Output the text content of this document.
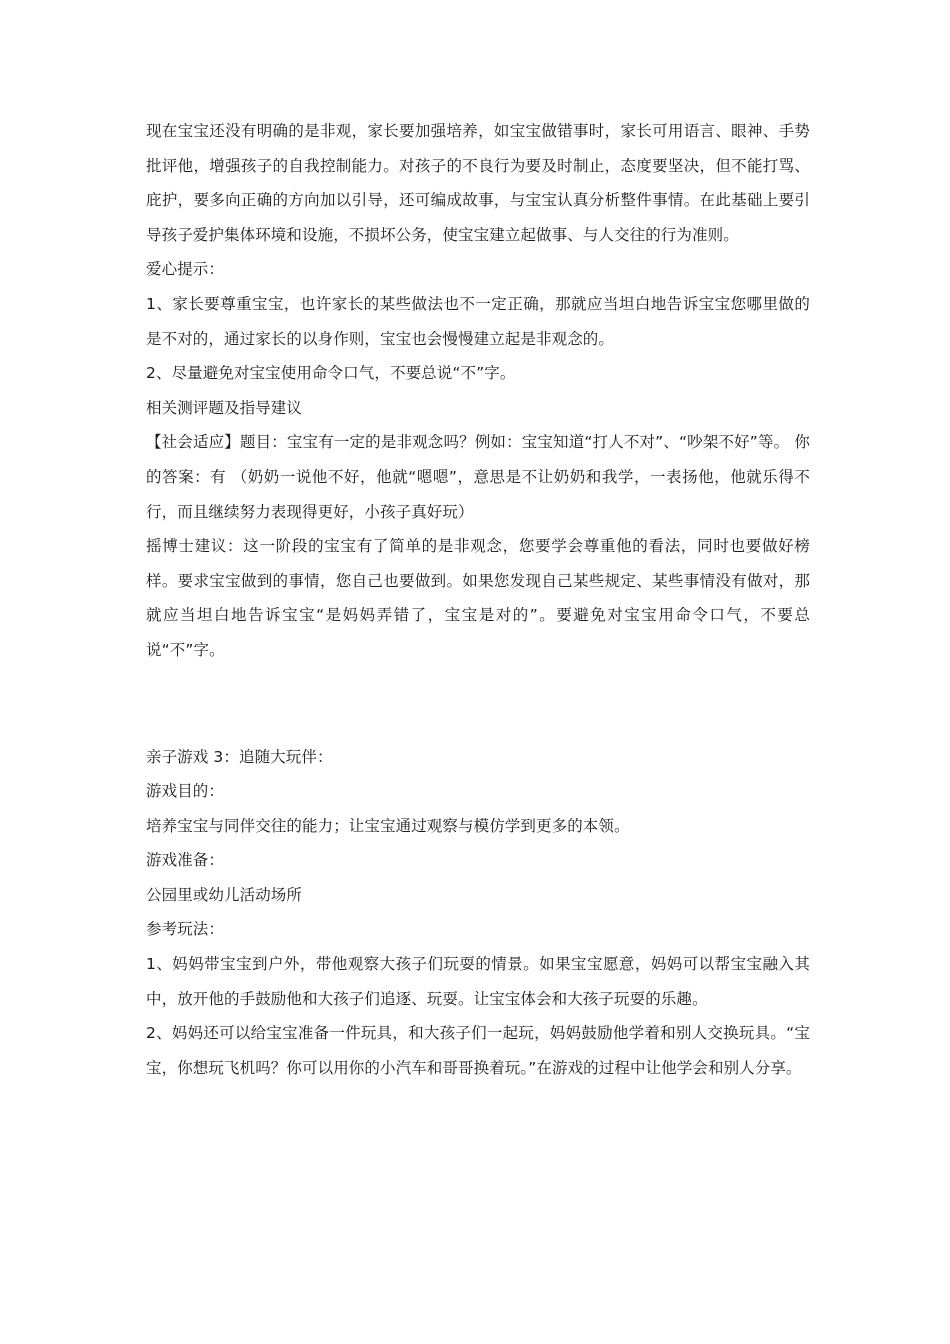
现在宝宝还没有明确的是非观，家长要加强培养，如宝宝做错事时，家长可用语言、眼神、手势批评他，增强孩子的自我控制能力。对孩子的不良行为要及时制止，态度要坚决，但不能打骂、庇护，要多向正确的方向加以引导，还可编成故事，与宝宝认真分析整件事情。在此基础上要引导孩子爱护集体环境和设施，不损坏公务，使宝宝建立起做事、与人交往的行为准则。

爱心提示：

1、家长要尊重宝宝，也许家长的某些做法也不一定正确，那就应当坦白地告诉宝宝您哪里做的是不对的，通过家长的以身作则，宝宝也会慢慢建立起是非观念的。

2、尽量避免对宝宝使用命令口气，不要总说“不”字。

相关测评题及指导建议

【社会适应】题目：宝宝有一定的是非观念吗？例如：宝宝知道“打人不对”、“吵架不好”等。 你的答案：有 （奶奶一说他不好，他就“嗯嗯”，意思是不让奶奶和我学，一表扬他，他就乐得不行，而且继续努力表现得更好，小孩子真好玩）

摇博士建议：这一阶段的宝宝有了简单的是非观念，您要学会尊重他的看法，同时也要做好榜样。要求宝宝做到的事情，您自己也要做到。如果您发现自己某些规定、某些事情没有做对，那就应当坦白地告诉宝宝“是妈妈弄错了，宝宝是对的”。要避免对宝宝用命令口气，不要总说“不”字。

亲子游戏 3：追随大玩伴：

游戏目的：

培养宝宝与同伴交往的能力；让宝宝通过观察与模仿学到更多的本领。

游戏准备：

公园里或幼儿活动场所

参考玩法：

1、妈妈带宝宝到户外，带他观察大孩子们玩耍的情景。如果宝宝愿意，妈妈可以帮宝宝融入其中，放开他的手鼓励他和大孩子们追逐、玩耍。让宝宝体会和大孩子玩耍的乐趣。

2、妈妈还可以给宝宝准备一件玩具，和大孩子们一起玩，妈妈鼓励他学着和别人交换玩具。“宝宝，你想玩飞机吗？你可以用你的小汽车和哥哥换着玩。”在游戏的过程中让他学会和别人分享。
